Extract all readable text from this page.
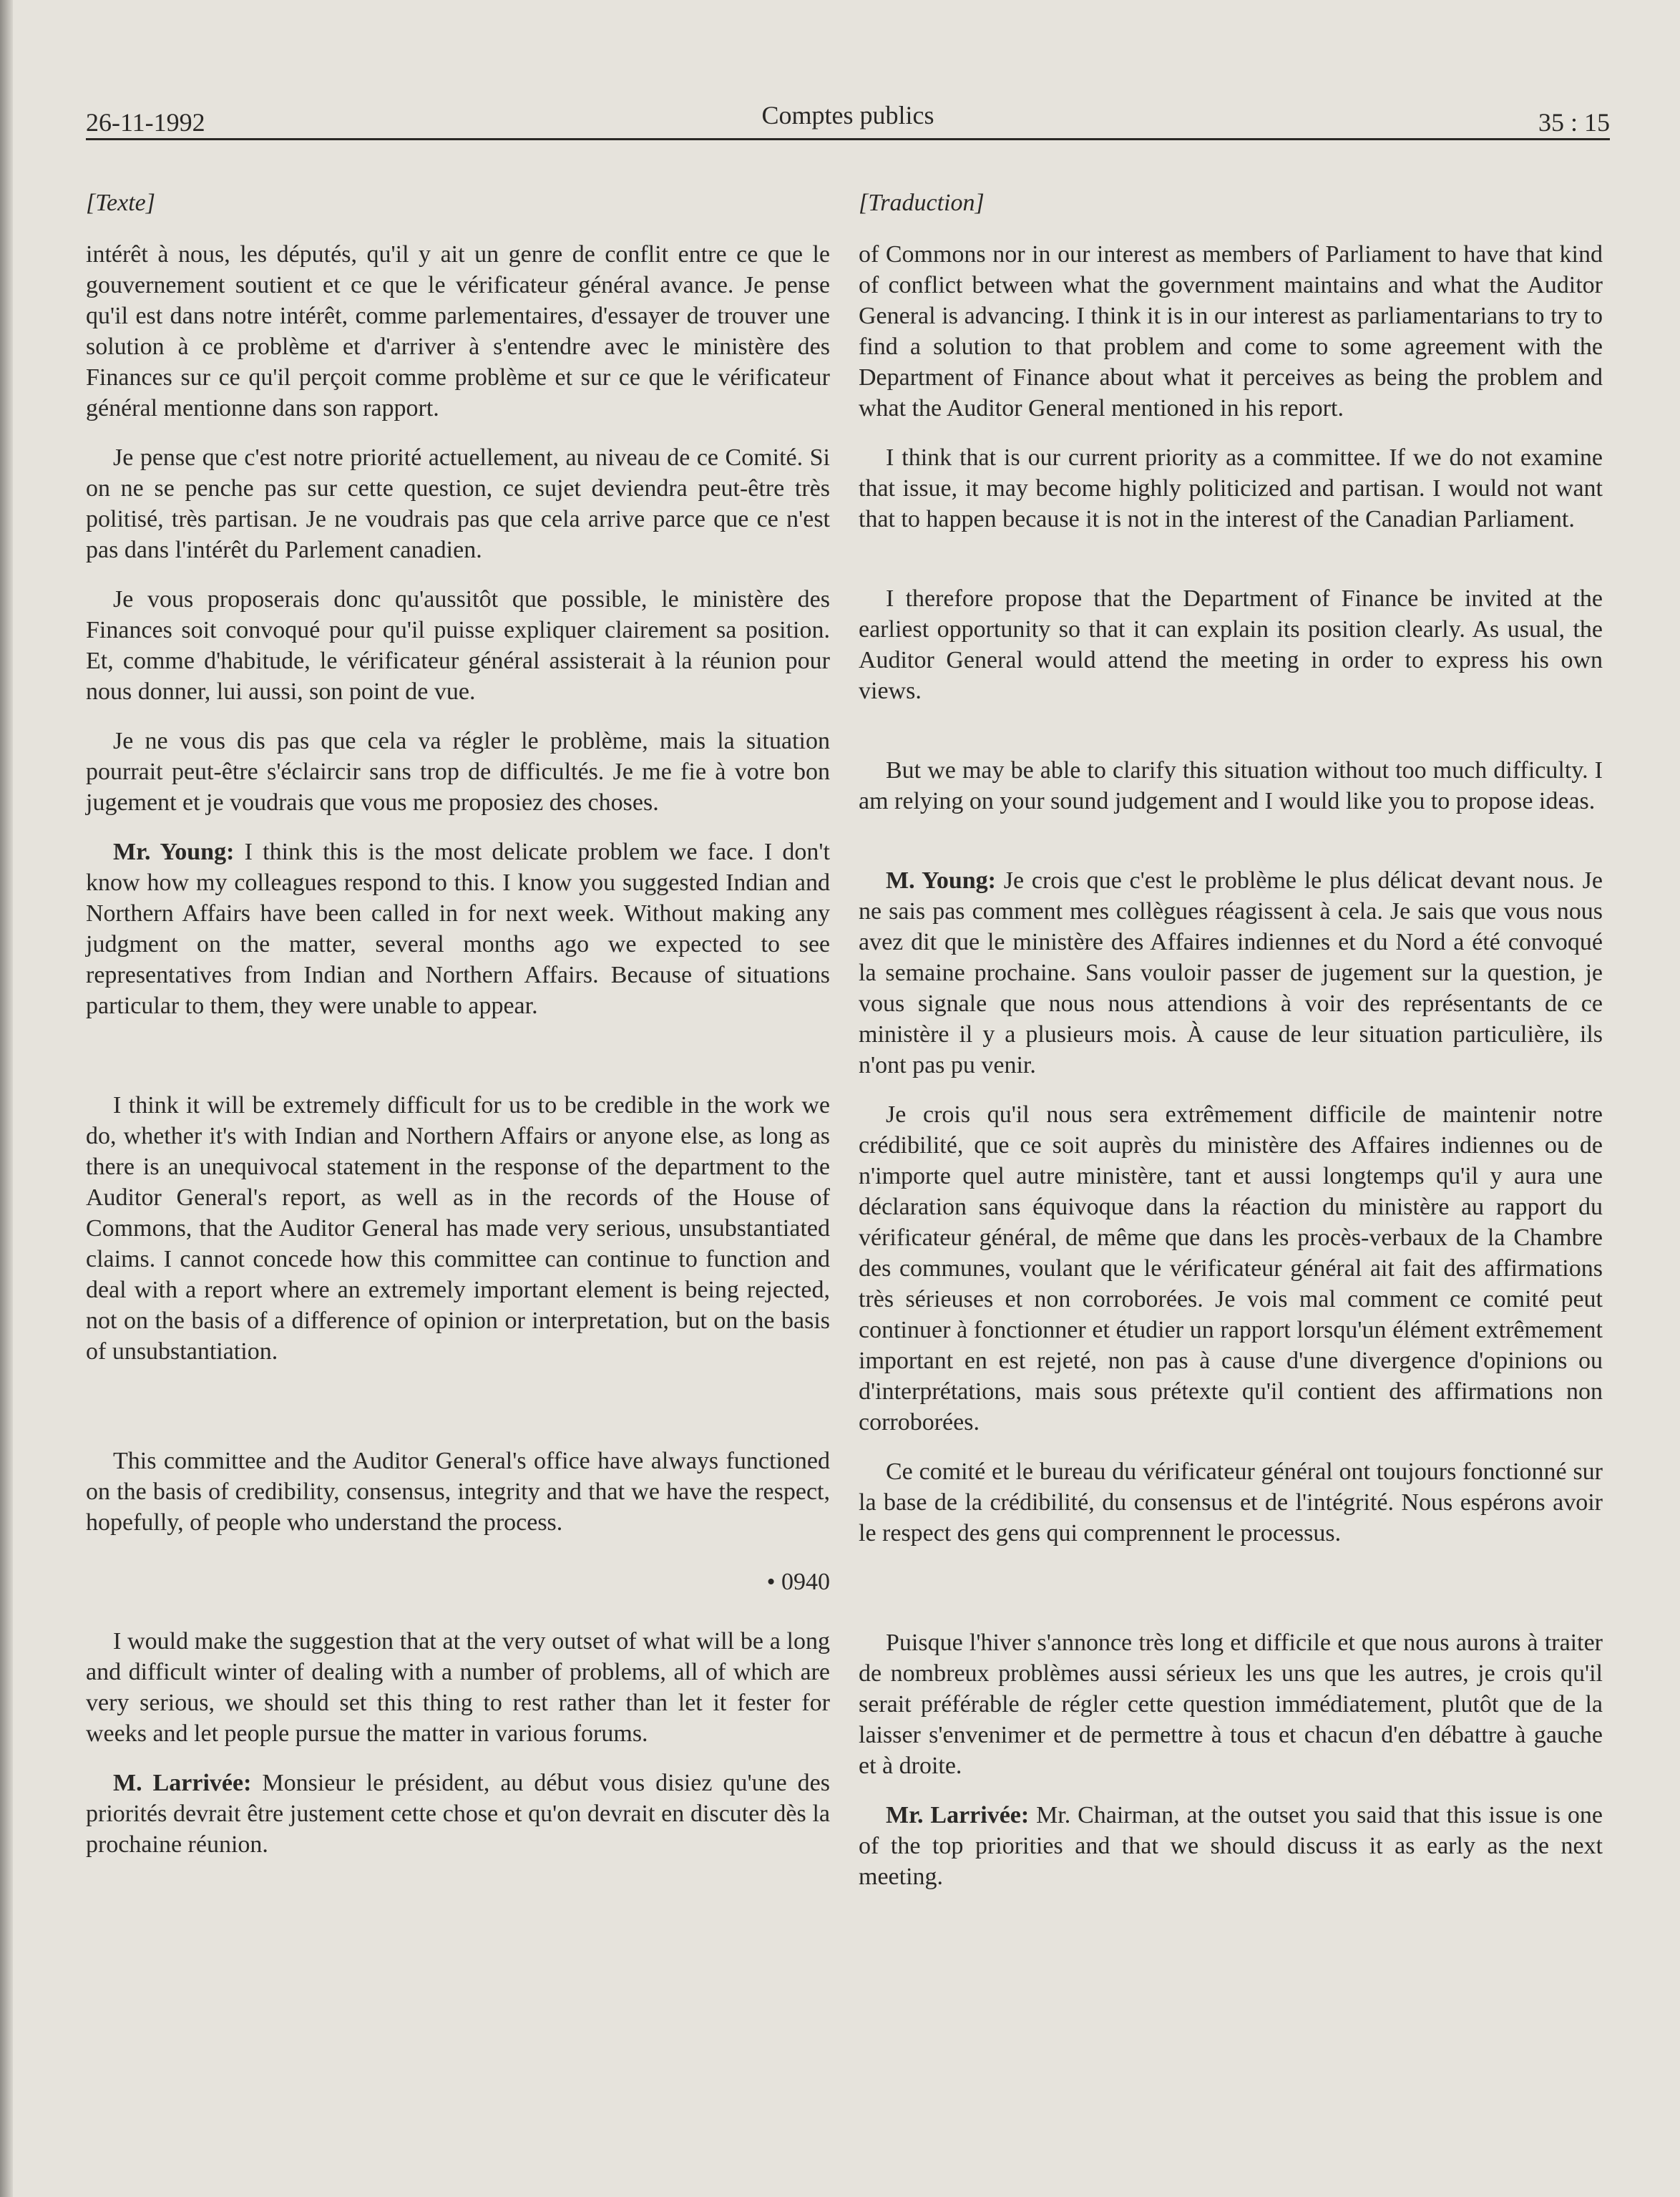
26-11-1992	Comptes publics	35 : 15
[Texte]

intérêt à nous, les députés, qu'il y ait un genre de conflit entre ce que le gouvernement soutient et ce que le vérificateur général avance. Je pense qu'il est dans notre intérêt, comme parlementaires, d'essayer de trouver une solution à ce problème et d'arriver à s'entendre avec le ministère des Finances sur ce qu'il perçoit comme problème et sur ce que le vérificateur général mentionne dans son rapport.

Je pense que c'est notre priorité actuellement, au niveau de ce Comité. Si on ne se penche pas sur cette question, ce sujet deviendra peut-être très politisé, très partisan. Je ne voudrais pas que cela arrive parce que ce n'est pas dans l'intérêt du Parlement canadien.

Je vous proposerais donc qu'aussitôt que possible, le ministère des Finances soit convoqué pour qu'il puisse expliquer clairement sa position. Et, comme d'habitude, le vérificateur général assisterait à la réunion pour nous donner, lui aussi, son point de vue.

Je ne vous dis pas que cela va régler le problème, mais la situation pourrait peut-être s'éclaircir sans trop de difficultés. Je me fie à votre bon jugement et je voudrais que vous me proposiez des choses.

Mr. Young: I think this is the most delicate problem we face. I don't know how my colleagues respond to this. I know you suggested Indian and Northern Affairs have been called in for next week. Without making any judgment on the matter, several months ago we expected to see representatives from Indian and Northern Affairs. Because of situations particular to them, they were unable to appear.

I think it will be extremely difficult for us to be credible in the work we do, whether it's with Indian and Northern Affairs or anyone else, as long as there is an unequivocal statement in the response of the department to the Auditor General's report, as well as in the records of the House of Commons, that the Auditor General has made very serious, unsubstantiated claims. I cannot concede how this committee can continue to function and deal with a report where an extremely important element is being rejected, not on the basis of a difference of opinion or interpretation, but on the basis of unsubstantiation.

This committee and the Auditor General's office have always functioned on the basis of credibility, consensus, integrity and that we have the respect, hopefully, of people who understand the process.

• 0940

I would make the suggestion that at the very outset of what will be a long and difficult winter of dealing with a number of problems, all of which are very serious, we should set this thing to rest rather than let it fester for weeks and let people pursue the matter in various forums.

M. Larrivée: Monsieur le président, au début vous disiez qu'une des priorités devrait être justement cette chose et qu'on devrait en discuter dès la prochaine réunion.

[Traduction]

of Commons nor in our interest as members of Parliament to have that kind of conflict between what the government maintains and what the Auditor General is advancing. I think it is in our interest as parliamentarians to try to find a solution to that problem and come to some agreement with the Department of Finance about what it perceives as being the problem and what the Auditor General mentioned in his report.

I think that is our current priority as a committee. If we do not examine that issue, it may become highly politicized and partisan. I would not want that to happen because it is not in the interest of the Canadian Parliament.

I therefore propose that the Department of Finance be invited at the earliest opportunity so that it can explain its position clearly. As usual, the Auditor General would attend the meeting in order to express his own views.

But we may be able to clarify this situation without too much difficulty. I am relying on your sound judgement and I would like you to propose ideas.

M. Young: Je crois que c'est le problème le plus délicat devant nous. Je ne sais pas comment mes collègues réagissent à cela. Je sais que vous nous avez dit que le ministère des Affaires indiennes et du Nord a été convoqué la semaine prochaine. Sans vouloir passer de jugement sur la question, je vous signale que nous nous attendions à voir des représentants de ce ministère il y a plusieurs mois. À cause de leur situation particulière, ils n'ont pas pu venir.

Je crois qu'il nous sera extrêmement difficile de maintenir notre crédibilité, que ce soit auprès du ministère des Affaires indiennes ou de n'importe quel autre ministère, tant et aussi longtemps qu'il y aura une déclaration sans équivoque dans la réaction du ministère au rapport du vérificateur général, de même que dans les procès-verbaux de la Chambre des communes, voulant que le vérificateur général ait fait des affirmations très sérieuses et non corroborées. Je vois mal comment ce comité peut continuer à fonctionner et étudier un rapport lorsqu'un élément extrêmement important en est rejeté, non pas à cause d'une divergence d'opinions ou d'interprétations, mais sous prétexte qu'il contient des affirmations non corroborées.

Ce comité et le bureau du vérificateur général ont toujours fonctionné sur la base de la crédibilité, du consensus et de l'intégrité. Nous espérons avoir le respect des gens qui comprennent le processus.

Puisque l'hiver s'annonce très long et difficile et que nous aurons à traiter de nombreux problèmes aussi sérieux les uns que les autres, je crois qu'il serait préférable de régler cette question immédiatement, plutôt que de la laisser s'envenimer et de permettre à tous et chacun d'en débattre à gauche et à droite.

Mr. Larrivée: Mr. Chairman, at the outset you said that this issue is one of the top priorities and that we should discuss it as early as the next meeting.
